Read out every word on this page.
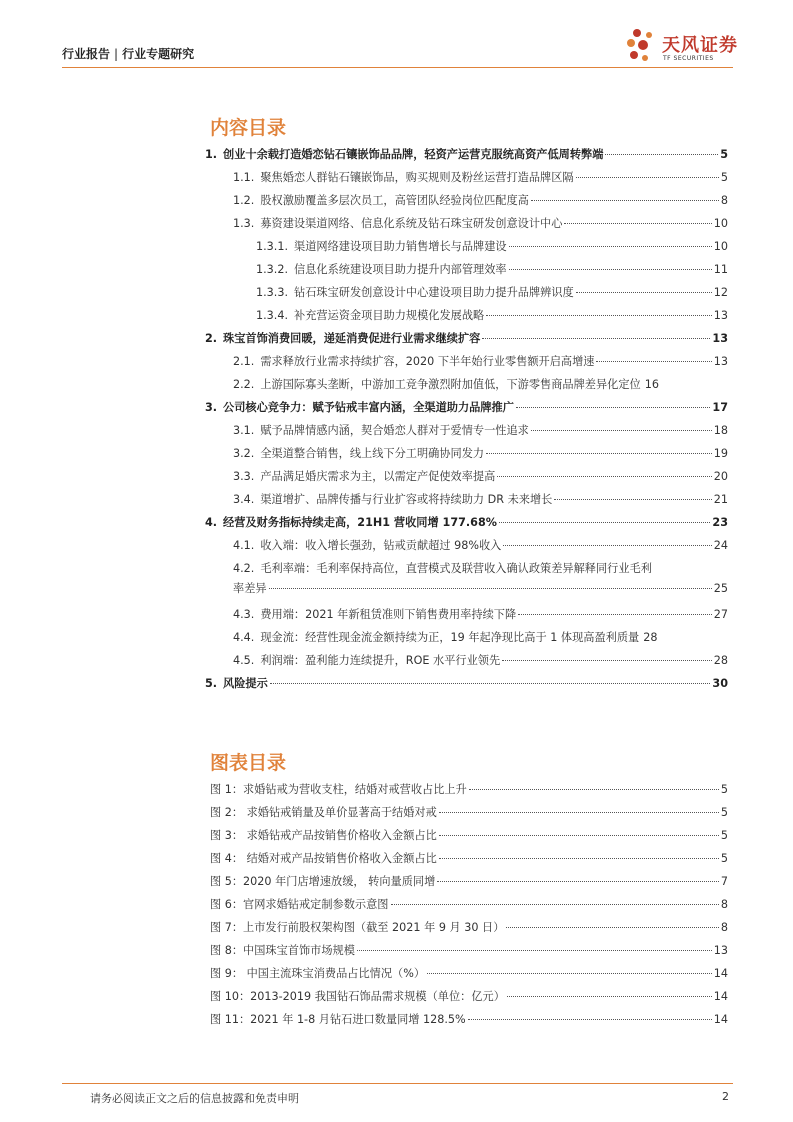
行业报告 | 行业专题研究	天风证券
TF SECURITIES
内容目录
1. 创业十余载打造婚恋钻石镶嵌饰品品牌，轻资产运营克服统高资产低周转弊端	5
1.1. 聚焦婚恋人群钻石镶嵌饰品，购买规则及粉丝运营打造品牌区隔	5
1.2. 股权激励覆盖多层次员工，高管团队经验岗位匹配度高	8
1.3. 募资建设渠道网络、信息化系统及钻石珠宝研发创意设计中心	10
1.3.1. 渠道网络建设项目助力销售增长与品牌建设	10
1.3.2. 信息化系统建设项目助力提升内部管理效率	11
1.3.3. 钻石珠宝研发创意设计中心建设项目助力提升品牌辨识度	12
1.3.4. 补充营运资金项目助力规模化发展战略	13
2. 珠宝首饰消费回暖，递延消费促进行业需求继续扩容	13
2.1. 需求释放行业需求持续扩容，2020 下半年始行业零售额开启高增速	13
2.2. 上游国际寡头垄断，中游加工竞争激烈附加值低，下游零售商品牌差异化定位 16
3. 公司核心竞争力：赋予钻戒丰富内涵，全渠道助力品牌推广	17
3.1. 赋予品牌情感内涵，契合婚恋人群对于爱情专一性追求	18
3.2. 全渠道整合销售，线上线下分工明确协同发力	19
3.3. 产品满足婚庆需求为主，以需定产促使效率提高	20
3.4. 渠道增扩、品牌传播与行业扩容或将持续助力 DR 未来增长	21
4. 经营及财务指标持续走高，21H1 营收同增 177.68%	23
4.1. 收入端：收入增长强劲，钻戒贡献超过 98%收入	24
4.2. 毛利率端：毛利率保持高位，直营模式及联营收入确认政策差异解释同行业毛利
率差异	25
4.3. 费用端：2021 年新租赁准则下销售费用率持续下降	27
4.4. 现金流：经营性现金流金额持续为正，19 年起净现比高于 1 体现高盈利质量 28
4.5. 利润端：盈利能力连续提升，ROE 水平行业领先	28
5. 风险提示	30
图表目录
图 1：求婚钻戒为营收支柱，结婚对戒营收占比上升	5
图 2： 求婚钻戒销量及单价显著高于结婚对戒	5
图 3： 求婚钻戒产品按销售价格收入金额占比	5
图 4： 结婚对戒产品按销售价格收入金额占比	5
图 5：2020 年门店增速放缓， 转向量质同增	7
图 6：官网求婚钻戒定制参数示意图	8
图 7：上市发行前股权架构图（截至 2021 年 9 月 30 日）	8
图 8：中国珠宝首饰市场规模	13
图 9： 中国主流珠宝消费品占比情况（%）	14
图 10：2013-2019 我国钻石饰品需求规模（单位：亿元）	14
图 11：2021 年 1-8 月钻石进口数量同增 128.5%	14
请务必阅读正文之后的信息披露和免责申明	2
